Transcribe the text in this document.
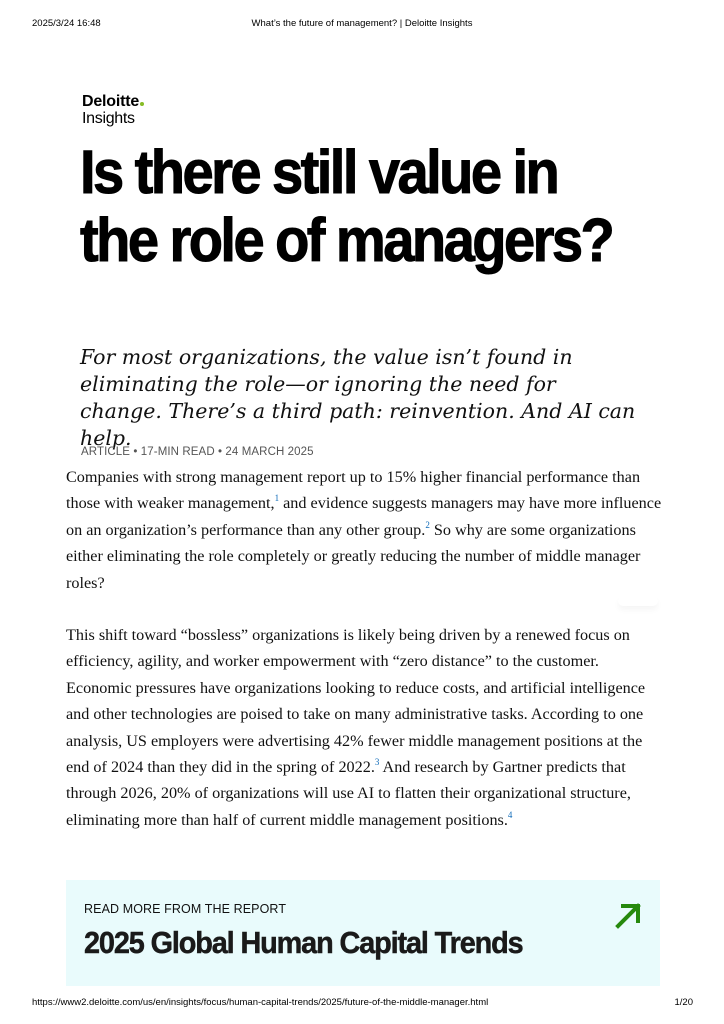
2025/3/24 16:48	What’s the future of management? | Deloitte Insights
Deloitte
Insights
Is there still value in the role of managers?
For most organizations, the value isn’t found in eliminating the role—or ignoring the need for change. There’s a third path: reinvention. And AI can help.
ARTICLE • 17-MIN READ • 24 MARCH 2025

Companies with strong management report up to 15% higher financial performance than those with weaker management,$^1$ and evidence suggests managers may have more influence on an organization’s performance than any other group.$^2$ So why are some organizations either eliminating the role completely or greatly reducing the number of middle manager roles?

This shift toward “bossless” organizations is likely being driven by a renewed focus on efficiency, agility, and worker empowerment with “zero distance” to the customer. Economic pressures have organizations looking to reduce costs, and artificial intelligence and other technologies are poised to take on many administrative tasks. According to one analysis, US employers were advertising 42% fewer middle management positions at the end of 2024 than they did in the spring of 2022.$^3$ And research by Gartner predicts that through 2026, 20% of organizations will use AI to flatten their organizational structure, eliminating more than half of current middle management positions.$^4$

READ MORE FROM THE REPORT
2025 Global Human Capital Trends
https://www2.deloitte.com/us/en/insights/focus/human-capital-trends/2025/future-of-the-middle-manager.html	1/20
